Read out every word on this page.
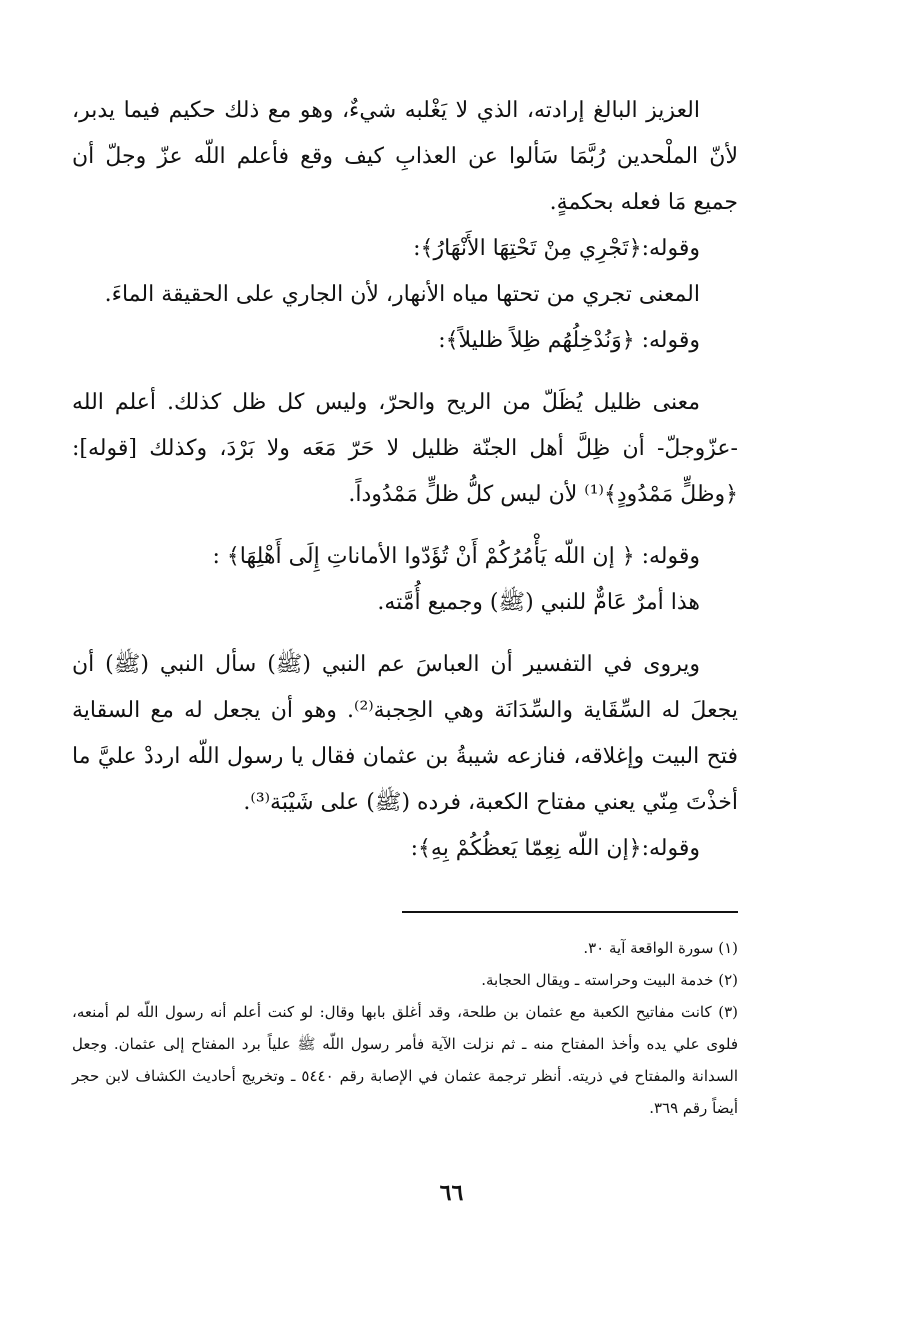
العزيز البالغ إرادته، الذي لا يَغْلبه شيءٌ، وهو مع ذلك حكيم فيما يدبر، لأنّ الملْحدين رُبَّمَا سَألوا عن العذابِ كيف وقع فأعلم اللّه عزّ وجلّ أن جميع مَا فعله بحكمةٍ.

وقوله:﴿تَجْرِي مِنْ تَحْتِهَا الأَنْهَارُ﴾:

المعنى تجري من تحتها مياه الأنهار، لأن الجاري على الحقيقة الماءَ.

وقوله: ﴿وَنُدْخِلُهُم ظِلاً ظليلاً﴾:

معنى ظليل يُظَلّ من الريح والحرّ، وليس كل ظل كذلك. أعلم الله -عزّوجلّ- أن ظِلَّ أهل الجنّة ظليل لا حَرّ مَعَه ولا بَرْدَ، وكذلك [قوله]: ﴿وظلٍّ مَمْدُودٍ﴾⁽¹⁾ لأن ليس كلُّ ظلٍّ مَمْدُوداً.

وقوله: ﴿ إن اللّه يَأْمُرُكُمْ أَنْ تُؤَدّوا الأماناتِ إِلَى أَهْلِهَا﴾ :

هذا أمرٌ عَامٌّ للنبي (ﷺ) وجميع أُمَّته.

ويروى في التفسير أن العباسَ عم النبي (ﷺ) سأل النبي (ﷺ) أن يجعلَ له السِّقَاية والسِّدَانَة وهي الحِجبة⁽²⁾. وهو أن يجعل له مع السقاية فتح البيت وإغلاقه، فنازعه شيبةُ بن عثمان فقال يا رسول اللّه ارددْ عليَّ ما أخذْتَ مِنّي يعني مفتاح الكعبة، فرده (ﷺ) على شَيْبَة⁽³⁾.

وقوله:﴿إن اللّه نِعِمّا يَعظُكُمْ بِهِ﴾:

(١) سورة الواقعة آية ٣٠.

(٢) خدمة البيت وحراسته ـ ويقال الحجابة.

(٣) كانت مفاتيح الكعبة مع عثمان بن طلحة، وقد أغلق بابها وقال: لو كنت أعلم أنه رسول اللّه لم أمنعه، فلوى علي يده وأخذ المفتاح منه ـ ثم نزلت الآية فأمر رسول اللّه ﷺ علياً برد المفتاح إلى عثمان. وجعل السدانة والمفتاح في ذريته. أنظر ترجمة عثمان في الإصابة رقم ٥٤٤٠ ـ وتخريج أحاديث الكشاف لابن حجر أيضاً رقم ٣٦٩.

٦٦
